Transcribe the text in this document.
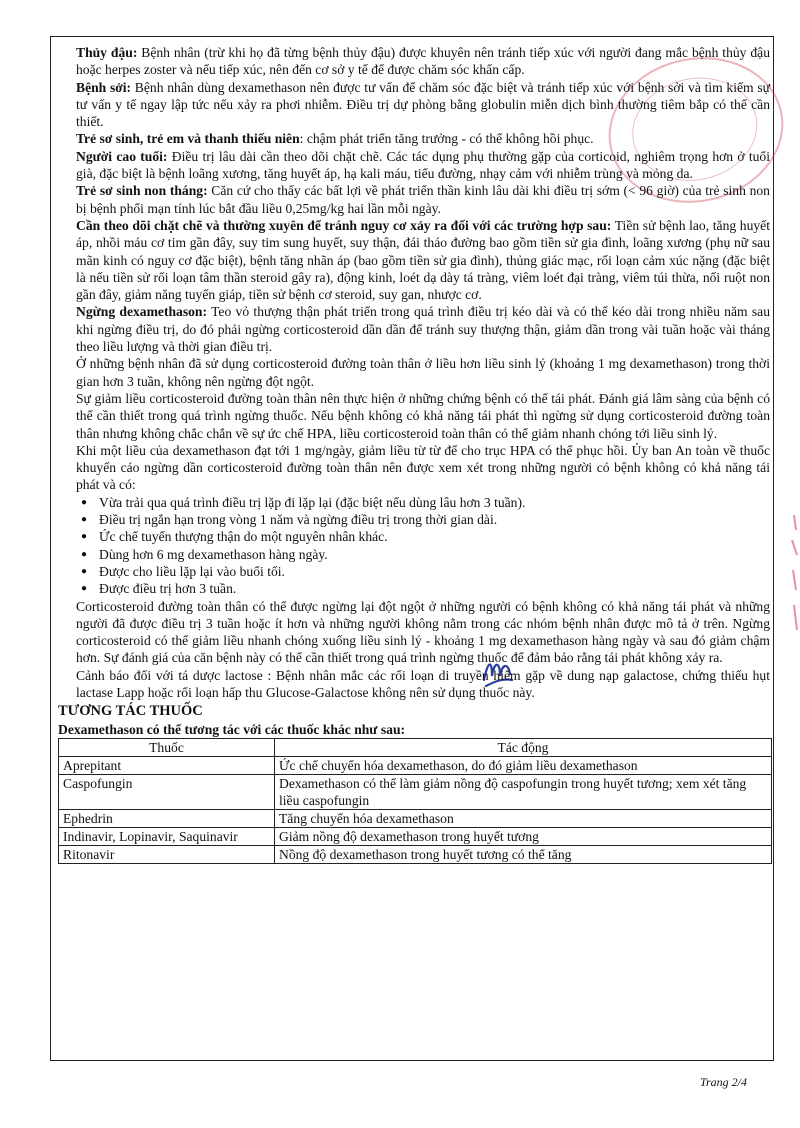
Thủy đậu: Bệnh nhân (trừ khi họ đã từng bệnh thủy đậu) được khuyên nên tránh tiếp xúc với người đang mắc bệnh thủy đậu hoặc herpes zoster và nếu tiếp xúc, nên đến cơ sở y tế để được chăm sóc khẩn cấp.

Bệnh sởi: Bệnh nhân dùng dexamethason nên được tư vấn để chăm sóc đặc biệt và tránh tiếp xúc với bệnh sởi và tìm kiếm sự tư vấn y tế ngay lập tức nếu xảy ra phơi nhiễm. Điều trị dự phòng bằng globulin miễn dịch bình thường tiêm bắp có thể cần thiết.

Trẻ sơ sinh, trẻ em và thanh thiếu niên: chậm phát triển tăng trưởng - có thể không hồi phục.

Người cao tuổi: Điều trị lâu dài cần theo dõi chặt chẽ. Các tác dụng phụ thường gặp của corticoid, nghiêm trọng hơn ở tuổi già, đặc biệt là bệnh loãng xương, tăng huyết áp, hạ kali máu, tiểu đường, nhạy cảm với nhiễm trùng và mỏng da.

Trẻ sơ sinh non tháng: Căn cứ cho thấy các bất lợi về phát triển thần kinh lâu dài khi điều trị sớm (< 96 giờ) của trẻ sinh non bị bệnh phổi mạn tính lúc bắt đầu liều 0,25mg/kg hai lần mỗi ngày.

Cần theo dõi chặt chẽ và thường xuyên để tránh nguy cơ xảy ra đối với các trường hợp sau: Tiền sử bệnh lao, tăng huyết áp, nhồi máu cơ tim gần đây, suy tim sung huyết, suy thận, đái tháo đường bao gồm tiền sử gia đình, loãng xương (phụ nữ sau mãn kinh có nguy cơ đặc biệt), bệnh tăng nhãn áp (bao gồm tiền sử gia đình), thủng giác mạc, rối loạn cảm xúc nặng (đặc biệt là nếu tiền sử rối loạn tâm thần steroid gây ra), động kinh, loét dạ dày tá tràng, viêm loét đại tràng, viêm túi thừa, nối ruột non gần đây, giảm năng tuyến giáp, tiền sử bệnh cơ steroid, suy gan, nhược cơ.

Ngừng dexamethason: Teo vỏ thượng thận phát triển trong quá trình điều trị kéo dài và có thể kéo dài trong nhiều năm sau khi ngừng điều trị, do đó phải ngừng corticosteroid dần dần để tránh suy thượng thận, giảm dần trong vài tuần hoặc vài tháng theo liều lượng và thời gian điều trị.

Ở những bệnh nhân đã sử dụng corticosteroid đường toàn thân ở liều hơn liều sinh lý (khoảng 1 mg dexamethason) trong thời gian hơn 3 tuần, không nên ngừng đột ngột.

Sự giảm liều corticosteroid đường toàn thân nên thực hiện ở những chứng bệnh có thể tái phát. Đánh giá lâm sàng của bệnh có thể cần thiết trong quá trình ngừng thuốc. Nếu bệnh không có khả năng tái phát thì ngừng sử dụng corticosteroid đường toàn thân nhưng không chắc chắn về sự ức chế HPA, liều corticosteroid toàn thân có thể giảm nhanh chóng tới liều sinh lý.

Khi một liều của dexamethason đạt tới 1 mg/ngày, giảm liều từ từ để cho trục HPA có thể phục hồi. Ủy ban An toàn về thuốc khuyến cáo ngừng dần corticosteroid đường toàn thân nên được xem xét trong những người có bệnh không có khả năng tái phát và có:

● Vừa trải qua quá trình điều trị lặp đi lặp lại (đặc biệt nếu dùng lâu hơn 3 tuần).
● Điều trị ngắn hạn trong vòng 1 năm và ngừng điều trị trong thời gian dài.
● Ức chế tuyến thượng thận do một nguyên nhân khác.
● Dùng hơn 6 mg dexamethason hàng ngày.
● Được cho liều lặp lại vào buổi tối.
● Được điều trị hơn 3 tuần.

Corticosteroid đường toàn thân có thể được ngừng lại đột ngột ở những người có bệnh không có khả năng tái phát và những người đã được điều trị 3 tuần hoặc ít hơn và những người không nằm trong các nhóm bệnh nhân được mô tả ở trên. Ngừng corticosteroid có thể giảm liều nhanh chóng xuống liều sinh lý - khoảng 1 mg dexamethason hàng ngày và sau đó giảm chậm hơn. Sự đánh giá của căn bệnh này có thể cần thiết trong quá trình ngừng thuốc để đảm bảo rằng tái phát không xảy ra.

Cảnh báo đối với tá dược lactose : Bệnh nhân mắc các rối loạn di truyền hiếm gặp về dung nạp galactose, chứng thiếu hụt lactase Lapp hoặc rối loạn hấp thu Glucose-Galactose không nên sử dụng thuốc này.

TƯƠNG TÁC THUỐC
Dexamethason có thể tương tác với các thuốc khác như sau:
Thuốc	Tác động
Aprepitant	Ức chế chuyển hóa dexamethason, do đó giảm liều dexamethason
Caspofungin	Dexamethason có thể làm giảm nồng độ caspofungin trong huyết tương; xem xét tăng liều caspofungin
Ephedrin	Tăng chuyển hóa dexamethason
Indinavir, Lopinavir, Saquinavir	Giảm nồng độ dexamethason trong huyết tương
Ritonavir	Nồng độ dexamethason trong huyết tương có thể tăng
Trang 2/4
